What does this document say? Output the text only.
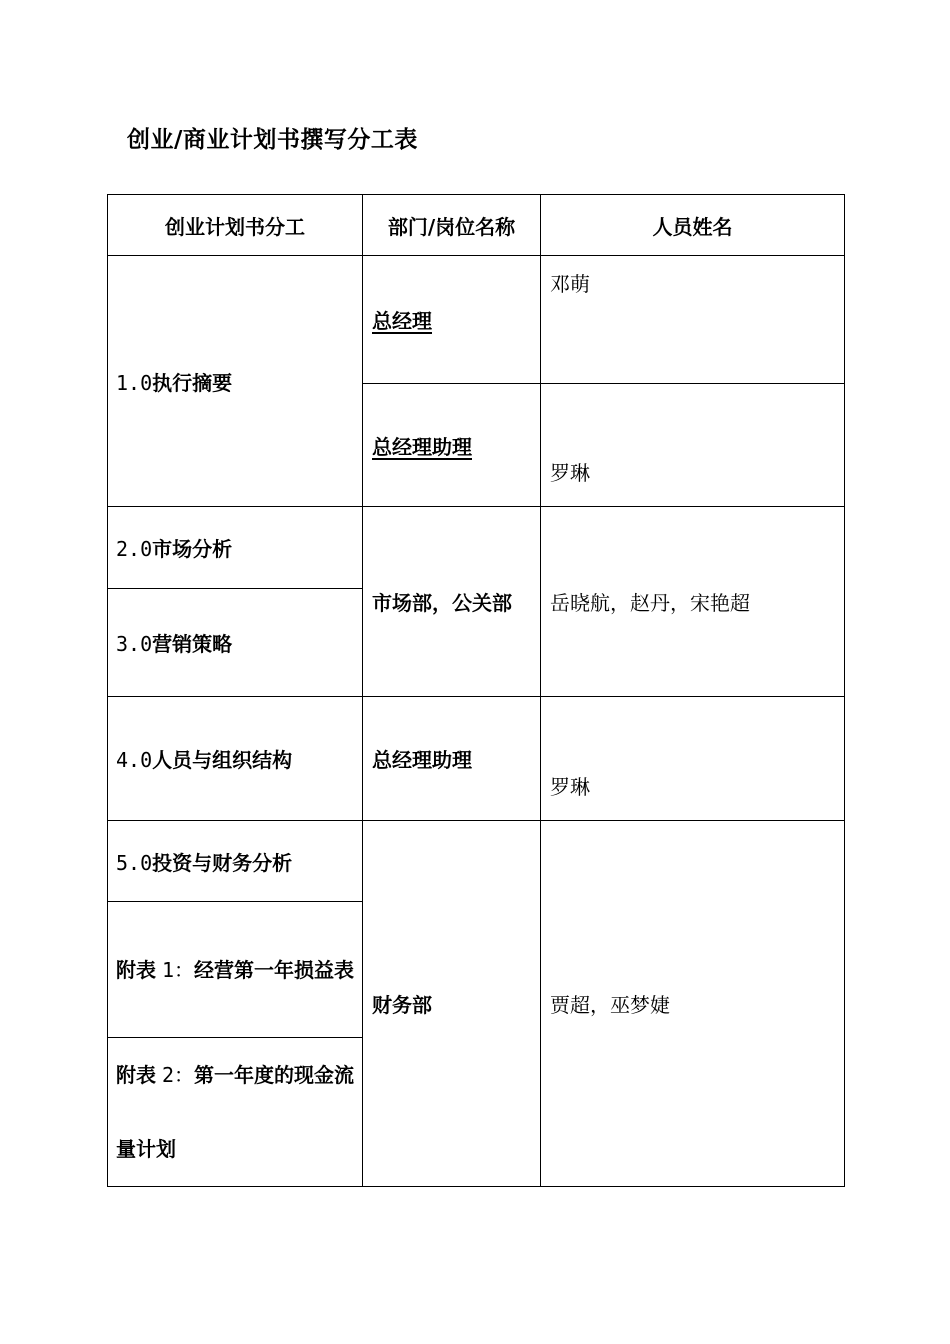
创业/商业计划书撰写分工表
创业计划书分工	部门/岗位名称	人员姓名
1.0执行摘要	总经理	邓萌
	总经理助理	罗琳
2.0市场分析	市场部，公关部	岳晓航，赵丹，宋艳超
3.0营销策略		
4.0人员与组织结构	总经理助理	罗琳
5.0投资与财务分析	财务部	贾超，巫梦婕
附表 1：经营第一年损益表		
附表 2：第一年度的现金流量计划		
